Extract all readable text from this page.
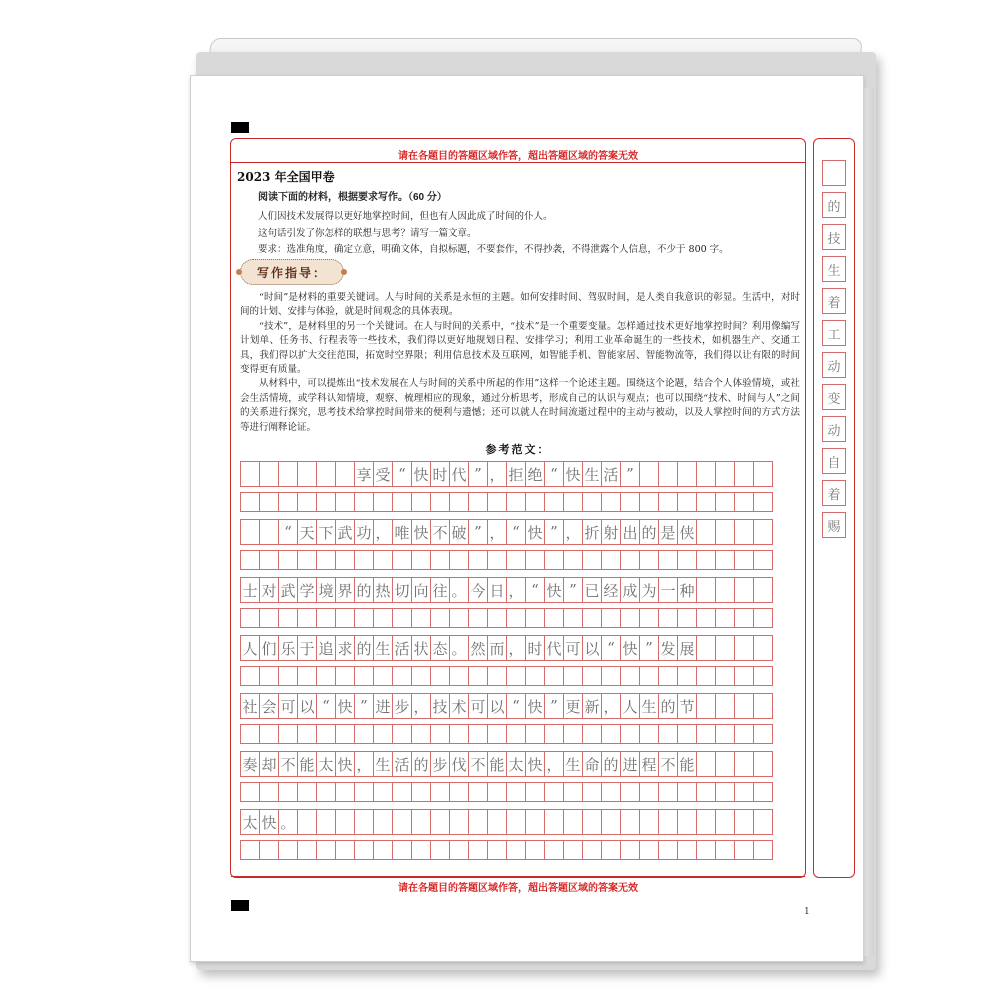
请在各题目的答题区域作答，超出答题区域的答案无效
请在各题目的答题区域作答，超出答题区域的答案无效
2023 年全国甲卷
阅读下面的材料，根据要求写作。（60 分）
人们因技术发展得以更好地掌控时间，但也有人因此成了时间的仆人。
这句话引发了你怎样的联想与思考？请写一篇文章。
要求：选准角度，确定立意，明确文体，自拟标题，不要套作，不得抄袭，不得泄露个人信息，不少于 800 字。
写作指导：

“时间”是材料的重要关键词。人与时间的关系是永恒的主题。如何安排时间、驾驭时间，是人类自我意识的彰显。生活中，对时间的计划、安排与体验，就是时间观念的具体表现。

“技术”，是材料里的另一个关键词。在人与时间的关系中，“技术”是一个重要变量。怎样通过技术更好地掌控时间？利用像编写计划单、任务书、行程表等一些技术，我们得以更好地规划日程、安排学习；利用工业革命诞生的一些技术，如机器生产、交通工具，我们得以扩大交往范围，拓宽时空界限；利用信息技术及互联网，如智能手机、智能家居、智能物流等，我们得以让有限的时间变得更有质量。

从材料中，可以提炼出“技术发展在人与时间的关系中所起的作用”这样一个论述主题。围绕这个论题，结合个人体验情境，或社会生活情境，或学科认知情境，观察、梳理相应的现象，通过分析思考，形成自己的认识与观点；也可以围绕“技术、时间与人”之间的关系进行探究，思考技术给掌控时间带来的便利与遗憾；还可以就人在时间流逝过程中的主动与被动，以及人掌控时间的方式方法等进行阐释论证。

参考范文：
享 受 “ 快 时 代 ” ， 拒 绝 “ 快 生 活 ”
“ 天 下 武 功 ， 唯 快 不 破 ” ， “ 快 ” ， 折 射 出 的 是 侠
士 对 武 学 境 界 的 热 切 向 往 。 今 日 ， “ 快 ” 已 经 成 为 一 种
人 们 乐 于 追 求 的 生 活 状 态 。 然 而 ， 时 代 可 以 “ 快 ” 发 展
社 会 可 以 “ 快 ” 进 步 ， 技 术 可 以 “ 快 ” 更 新 ， 人 生 的 节
奏 却 不 能 太 快 ， 生 活 的 步 伐 不 能 太 快 ， 生 命 的 进 程 不 能
太 快 。
的
技
生
着
工
动
变
动
自
着
赐
1
